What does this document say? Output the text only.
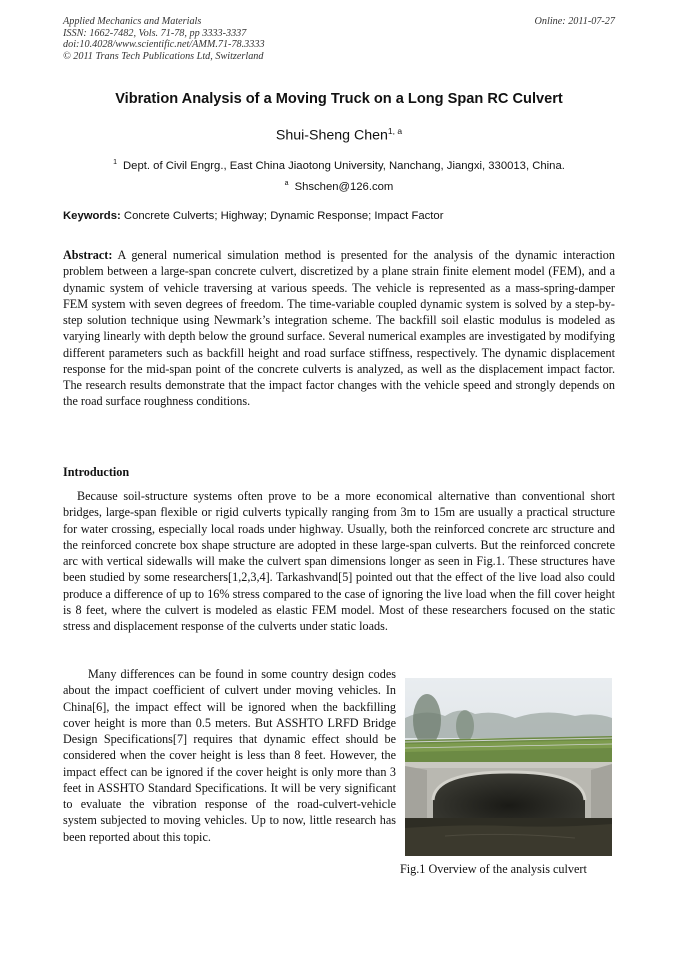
Applied Mechanics and Materials	Online: 2011-07-27
ISSN: 1662-7482, Vols. 71-78, pp 3333-3337
doi:10.4028/www.scientific.net/AMM.71-78.3333
© 2011 Trans Tech Publications Ltd, Switzerland
Vibration Analysis of a Moving Truck on a Long Span RC Culvert
Shui-Sheng Chen$^{1, a}$
$^1$ Dept. of Civil Engrg., East China Jiaotong University, Nanchang, Jiangxi, 330013, China.
$^a$ Shschen@126.com
Keywords: Concrete Culverts; Highway; Dynamic Response; Impact Factor
Abstract: A general numerical simulation method is presented for the analysis of the dynamic interaction problem between a large-span concrete culvert, discretized by a plane strain finite element model (FEM), and a dynamic system of vehicle traversing at various speeds. The vehicle is represented as a mass-spring-damper FEM system with seven degrees of freedom. The time-variable coupled dynamic system is solved by a step-by-step solution technique using Newmark’s integration scheme. The backfill soil elastic modulus is modeled as varying linearly with depth below the ground surface. Several numerical examples are investigated by modifying different parameters such as backfill height and road surface stiffness, respectively. The dynamic displacement response for the mid-span point of the concrete culverts is analyzed, as well as the displacement impact factor. The research results demonstrate that the impact factor changes with the vehicle speed and strongly depends on the road surface roughness conditions.
Introduction
Because soil-structure systems often prove to be a more economical alternative than conventional short bridges, large-span flexible or rigid culverts typically ranging from 3m to 15m are usually a practical structure for water crossing, especially local roads under highway. Usually, both the reinforced concrete arc structure and the reinforced concrete box shape structure are adopted in these large-span culverts. But the reinforced concrete arc with vertical sidewalls will make the culvert span dimensions longer as seen in Fig.1. These structures have been studied by some researchers[1,2,3,4]. Tarkashvand[5] pointed out that the effect of the live load also could produce a difference of up to 16% stress compared to the case of ignoring the live load when the fill cover height is 8 feet, where the culvert is modeled as elastic FEM model. Most of these researchers focused on the static stress and displacement response of the culverts under static loads.
Many differences can be found in some country design codes about the impact coefficient of culvert under moving vehicles. In China[6], the impact effect will be ignored when the backfilling cover height is more than 0.5 meters. But ASSHTO LRFD Bridge Design Specifications[7] requires that dynamic effect should be considered when the cover height is less than 8 feet. However, the impact effect can be ignored if the cover height is only more than 3 feet in ASSHTO Standard Specifications. It will be very significant to evaluate the vibration response of the road-culvert-vehicle system subjected to moving vehicles. Up to now, little research has been reported about this topic.
Fig.1 Overview of the analysis culvert
